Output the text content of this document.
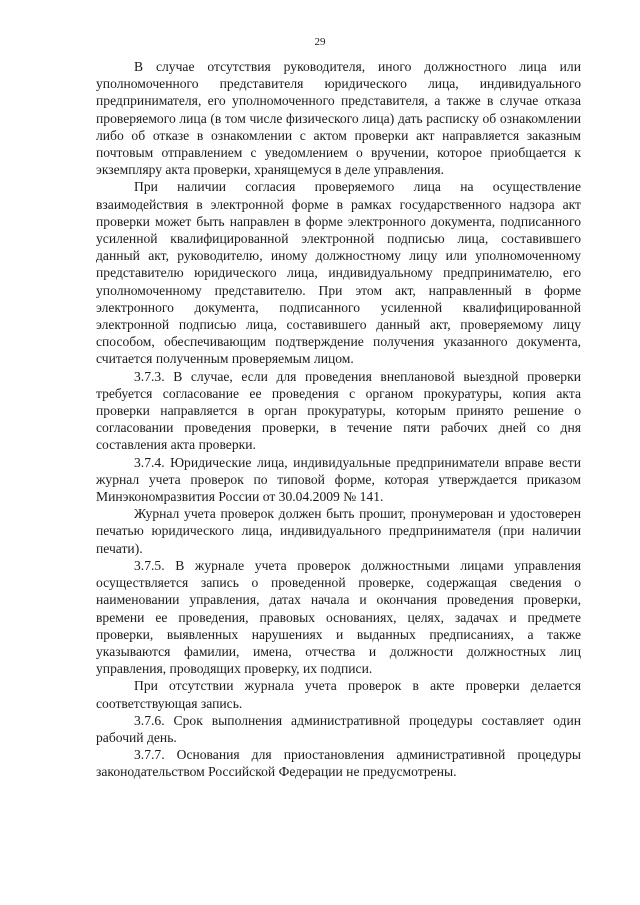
29

В случае отсутствия руководителя, иного должностного лица или уполномоченного представителя юридического лица, индивидуального предпринимателя, его уполномоченного представителя, а также в случае отказа проверяемого лица (в том числе физического лица) дать расписку об ознакомлении либо об отказе в ознакомлении с актом проверки акт направляется заказным почтовым отправлением с уведомлением о вручении, которое приобщается к экземпляру акта проверки, хранящемуся в деле управления.

При наличии согласия проверяемого лица на осуществление взаимодействия в электронной форме в рамках государственного надзора акт проверки может быть направлен в форме электронного документа, подписанного усиленной квалифицированной электронной подписью лица, составившего данный акт, руководителю, иному должностному лицу или уполномоченному представителю юридического лица, индивидуальному предпринимателю, его уполномоченному представителю. При этом акт, направленный в форме электронного документа, подписанного усиленной квалифицированной электронной подписью лица, составившего данный акт, проверяемому лицу способом, обеспечивающим подтверждение получения указанного документа, считается полученным проверяемым лицом.

3.7.3. В случае, если для проведения внеплановой выездной проверки требуется согласование ее проведения с органом прокуратуры, копия акта проверки направляется в орган прокуратуры, которым принято решение о согласовании проведения проверки, в течение пяти рабочих дней со дня составления акта проверки.

3.7.4. Юридические лица, индивидуальные предприниматели вправе вести журнал учета проверок по типовой форме, которая утверждается приказом Минэкономразвития России от 30.04.2009 № 141.

Журнал учета проверок должен быть прошит, пронумерован и удостоверен печатью юридического лица, индивидуального предпринимателя (при наличии печати).

3.7.5. В журнале учета проверок должностными лицами управления осуществляется запись о проведенной проверке, содержащая сведения о наименовании управления, датах начала и окончания проведения проверки, времени ее проведения, правовых основаниях, целях, задачах и предмете проверки, выявленных нарушениях и выданных предписаниях, а также указываются фамилии, имена, отчества и должности должностных лиц управления, проводящих проверку, их подписи.

При отсутствии журнала учета проверок в акте проверки делается соответствующая запись.

3.7.6. Срок выполнения административной процедуры составляет один рабочий день.

3.7.7. Основания для приостановления административной процедуры законодательством Российской Федерации не предусмотрены.
